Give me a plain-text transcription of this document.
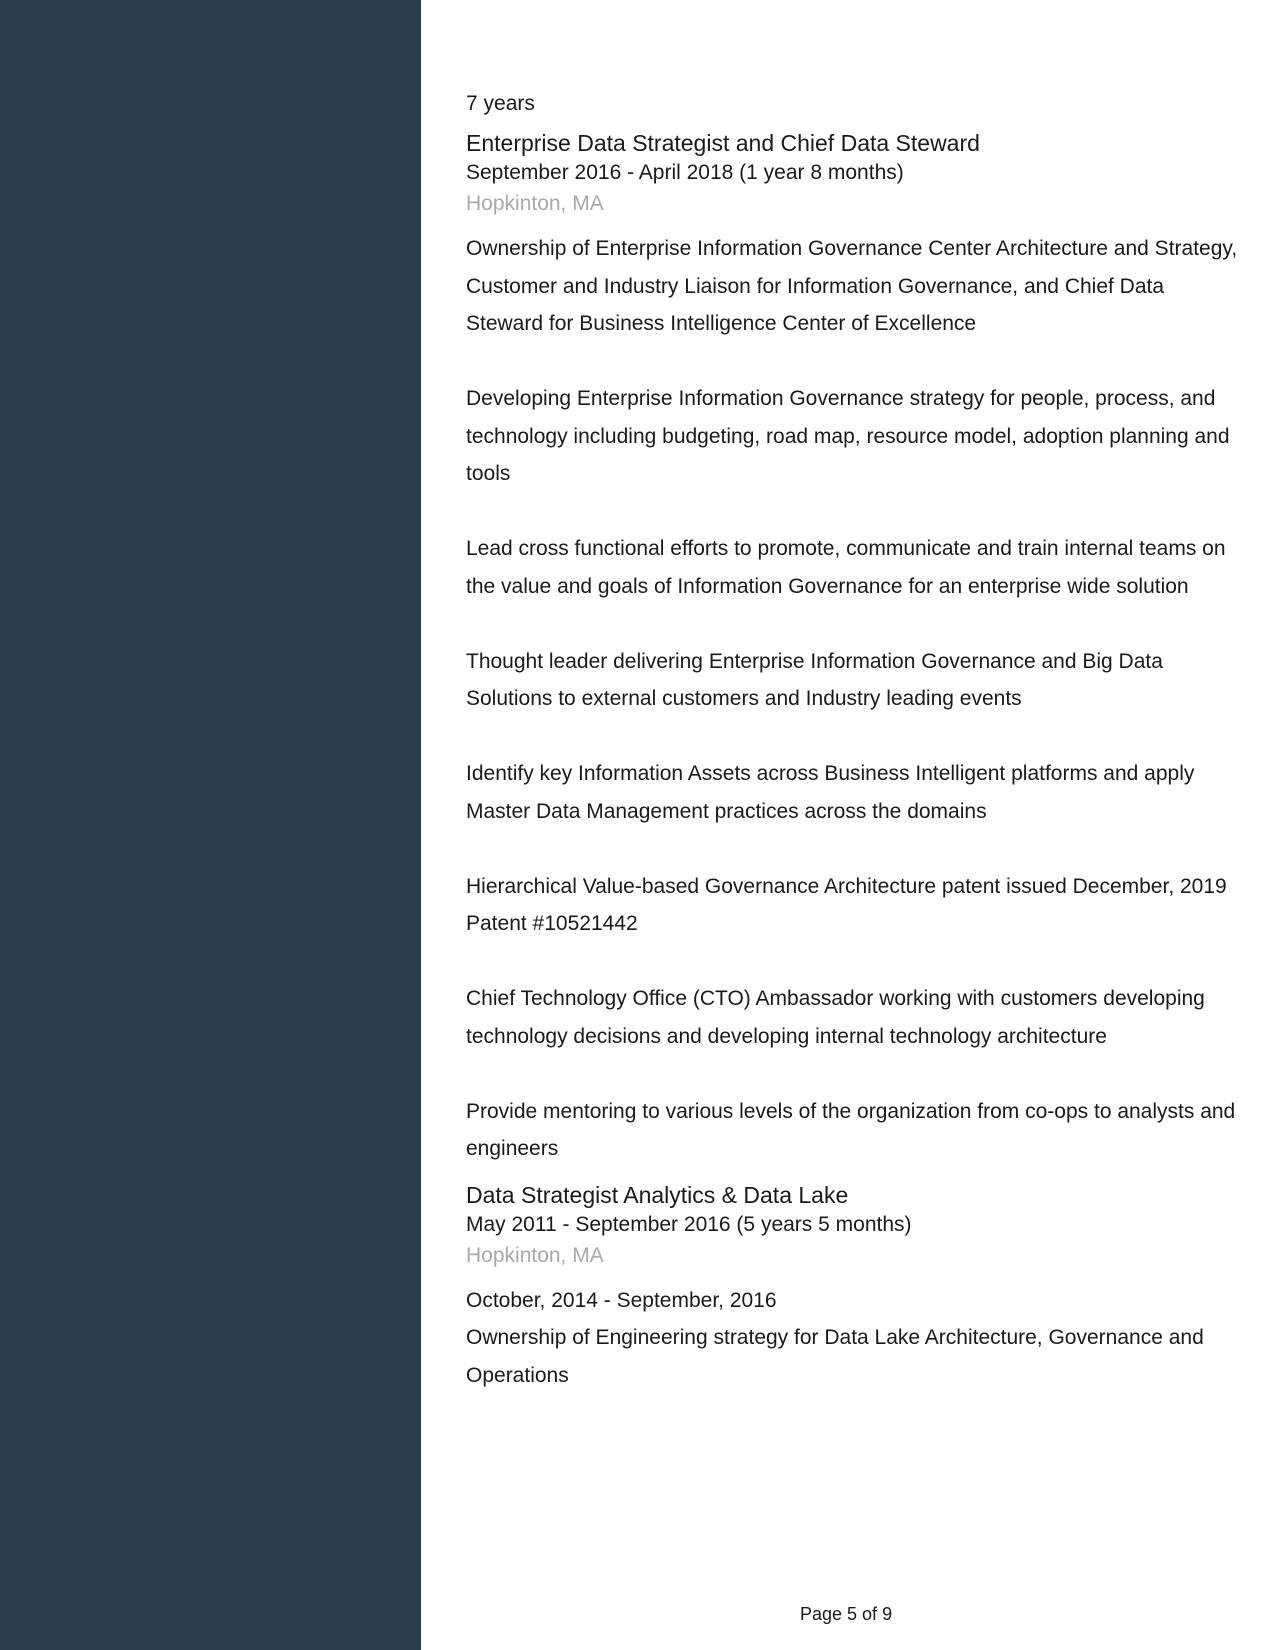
7 years
Enterprise Data Strategist and Chief Data Steward
September 2016 - April 2018 (1 year 8 months)
Hopkinton, MA

Ownership of Enterprise Information Governance Center Architecture and Strategy, Customer and Industry Liaison for Information Governance, and Chief Data Steward for Business Intelligence Center of Excellence

Developing Enterprise Information Governance strategy for people, process, and technology including budgeting, road map, resource model, adoption planning and tools

Lead cross functional efforts to promote, communicate and train internal teams on the value and goals of Information Governance for an enterprise wide solution

Thought leader delivering Enterprise Information Governance and Big Data Solutions to external customers and Industry leading events

Identify key Information Assets across Business Intelligent platforms and apply Master Data Management practices across the domains

Hierarchical Value-based Governance Architecture patent issued December, 2019 Patent #10521442

Chief Technology Office (CTO) Ambassador working with customers developing technology decisions and developing internal technology architecture

Provide mentoring to various levels of the organization from co-ops to analysts and engineers

Data Strategist Analytics & Data Lake
May 2011 - September 2016 (5 years 5 months)
Hopkinton, MA

October, 2014 - September, 2016

Ownership of Engineering strategy for Data Lake Architecture, Governance and Operations

Page 5 of 9
